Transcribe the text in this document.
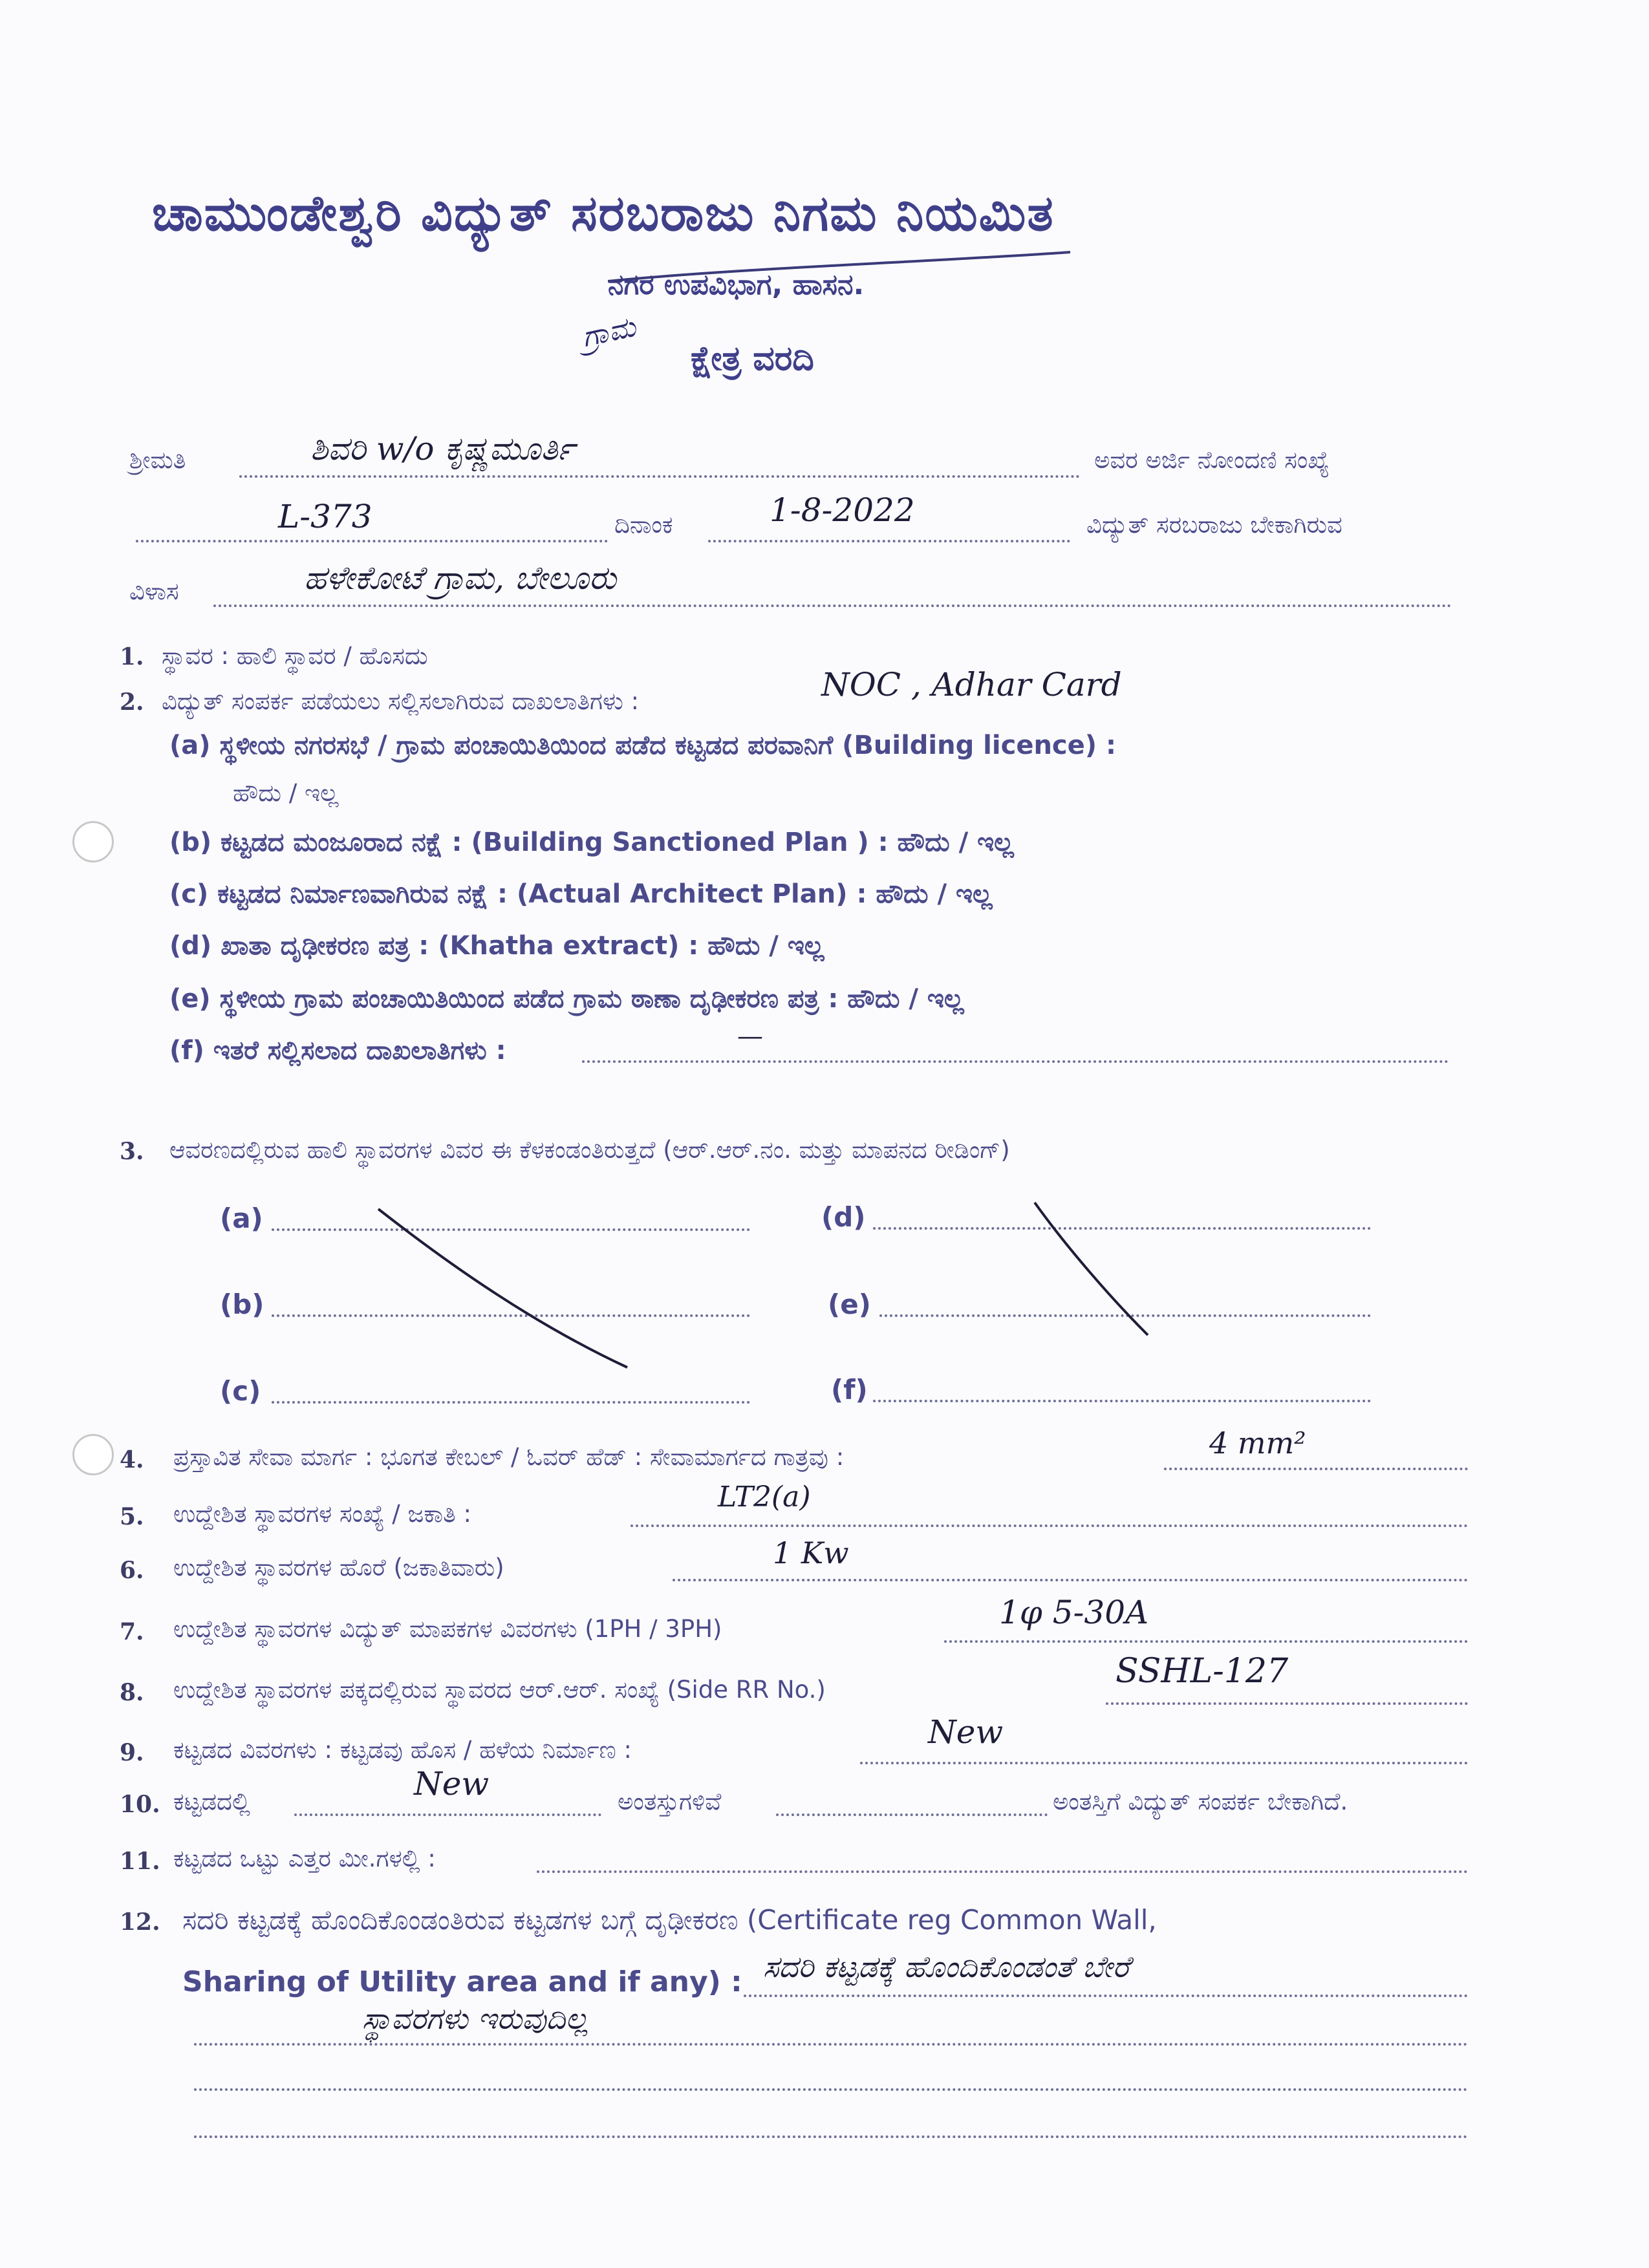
ಚಾಮುಂಡೇಶ್ವರಿ ವಿದ್ಯುತ್ ಸರಬರಾಜು ನಿಗಮ ನಿಯಮಿತ
ನಗರ ಉಪವಿಭಾಗ, ಹಾಸನ.
ಗ್ರಾಮ
ಕ್ಷೇತ್ರ ವರದಿ
ಶ್ರೀಮತಿ	ಶಿವರಿ w/o ಕೃಷ್ಣಮೂರ್ತಿ	ಅವರ ಅರ್ಜಿ ನೋಂದಣಿ ಸಂಖ್ಯೆ
L-373	ದಿನಾಂಕ	1-8-2022	ವಿದ್ಯುತ್ ಸರಬರಾಜು ಬೇಕಾಗಿರುವ
ವಿಳಾಸ	ಹಳೇಕೋಟೆ ಗ್ರಾಮ, ಬೇಲೂರು
1. ಸ್ಥಾವರ : ಹಾಲಿ ಸ್ಥಾವರ / ಹೊಸದು
2. ವಿದ್ಯುತ್ ಸಂಪರ್ಕ ಪಡೆಯಲು ಸಲ್ಲಿಸಲಾಗಿರುವ ದಾಖಲಾತಿಗಳು :	NOC , Adhar Card
(a) ಸ್ಥಳೀಯ ನಗರಸಭೆ / ಗ್ರಾಮ ಪಂಚಾಯಿತಿಯಿಂದ ಪಡೆದ ಕಟ್ಟಡದ ಪರವಾನಿಗೆ (Building licence) :
ಹೌದು / ಇಲ್ಲ
(b) ಕಟ್ಟಡದ ಮಂಜೂರಾದ ನಕ್ಷೆ : (Building Sanctioned Plan ) : ಹೌದು / ಇಲ್ಲ
(c) ಕಟ್ಟಡದ ನಿರ್ಮಾಣವಾಗಿರುವ ನಕ್ಷೆ : (Actual Architect Plan) : ಹೌದು / ಇಲ್ಲ
(d) ಖಾತಾ ದೃಢೀಕರಣ ಪತ್ರ : (Khatha extract) : ಹೌದು / ಇಲ್ಲ
(e) ಸ್ಥಳೀಯ ಗ್ರಾಮ ಪಂಚಾಯಿತಿಯಿಂದ ಪಡೆದ ಗ್ರಾಮ ಠಾಣಾ ದೃಢೀಕರಣ ಪತ್ರ : ಹೌದು / ಇಲ್ಲ
(f) ಇತರೆ ಸಲ್ಲಿಸಲಾದ ದಾಖಲಾತಿಗಳು :	—
3. ಆವರಣದಲ್ಲಿರುವ ಹಾಲಿ ಸ್ಥಾವರಗಳ ವಿವರ ಈ ಕೆಳಕಂಡಂತಿರುತ್ತದೆ (ಆರ್.ಆರ್.ನಂ. ಮತ್ತು ಮಾಪನದ ರೀಡಿಂಗ್)
(a)
(b)
(c)
(d)
(e)
(f)
4. ಪ್ರಸ್ತಾವಿತ ಸೇವಾ ಮಾರ್ಗ : ಭೂಗತ ಕೇಬಲ್ / ಓವರ್ ಹೆಡ್ : ಸೇವಾಮಾರ್ಗದ ಗಾತ್ರವು :	4 mm²
5. ಉದ್ದೇಶಿತ ಸ್ಥಾವರಗಳ ಸಂಖ್ಯೆ / ಜಕಾತಿ :
LT2(a)
6. ಉದ್ದೇಶಿತ ಸ್ಥಾವರಗಳ ಹೊರೆ (ಜಕಾತಿವಾರು)	1 Kw
7. ಉದ್ದೇಶಿತ ಸ್ಥಾವರಗಳ ವಿದ್ಯುತ್ ಮಾಪಕಗಳ ವಿವರಗಳು (1PH / 3PH)	1φ 5-30A
8. ಉದ್ದೇಶಿತ ಸ್ಥಾವರಗಳ ಪಕ್ಕದಲ್ಲಿರುವ ಸ್ಥಾವರದ ಆರ್.ಆರ್. ಸಂಖ್ಯೆ (Side RR No.)	SSHL-127
9. ಕಟ್ಟಡದ ವಿವರಗಳು : ಕಟ್ಟಡವು ಹೊಸ / ಹಳೆಯ ನಿರ್ಮಾಣ :	New
10. ಕಟ್ಟಡದಲ್ಲಿ	New	ಅಂತಸ್ತುಗಳಿವೆ	ಅಂತಸ್ತಿಗೆ ವಿದ್ಯುತ್ ಸಂಪರ್ಕ ಬೇಕಾಗಿದೆ.
11. ಕಟ್ಟಡದ ಒಟ್ಟು ಎತ್ತರ ಮೀ.ಗಳಲ್ಲಿ :
12. ಸದರಿ ಕಟ್ಟಡಕ್ಕೆ ಹೊಂದಿಕೊಂಡಂತಿರುವ ಕಟ್ಟಡಗಳ ಬಗ್ಗೆ ದೃಢೀಕರಣ (Certificate reg Common Wall,
Sharing of Utility area and if any) : ಸದರಿ ಕಟ್ಟಡಕ್ಕೆ ಹೊಂದಿಕೊಂಡಂತೆ ಬೇರೆ
ಸ್ಥಾವರಗಳು ಇರುವುದಿಲ್ಲ
